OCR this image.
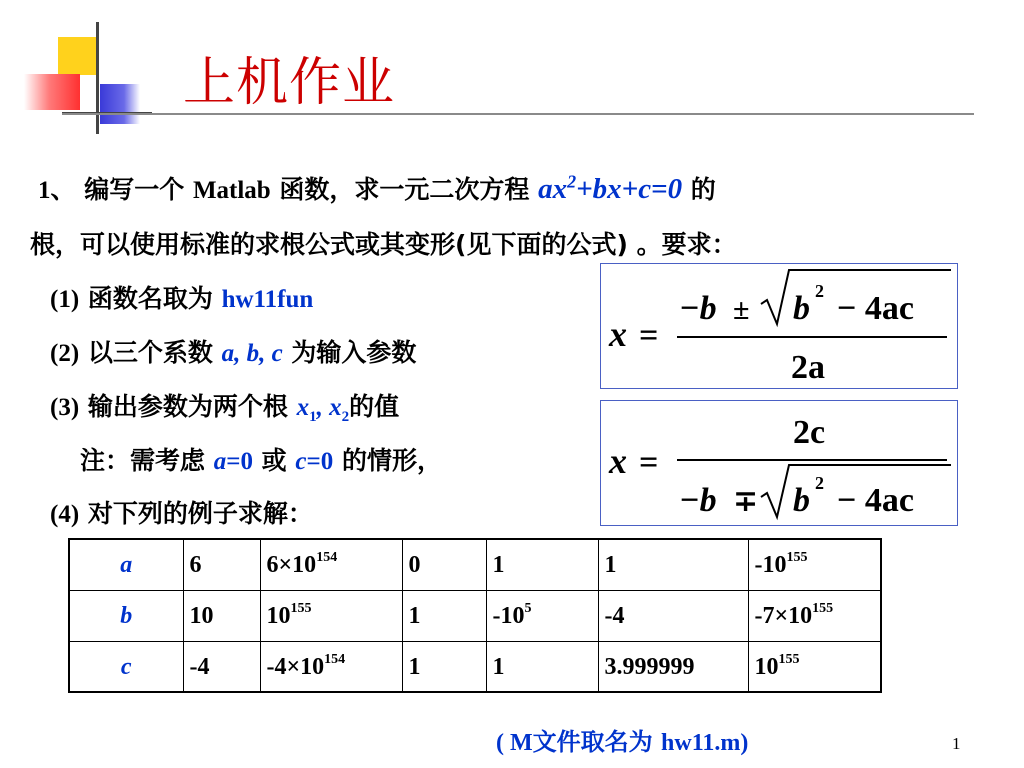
上机作业
1、 编写一个 Matlab 函数，求一元二次方程 $ax^2+bx+c=0$ 的
根，可以使用标准的求根公式或其变形(见下面的公式) 。要求：
(1) 函数名取为 hw11fun
(2) 以三个系数 a, b, c 为输入参数
(3) 输出参数为两个根 $x_1$, $x_2$的值
注：需考虑 a=0 或 c=0 的情形，
(4) 对下列的例子求解：
x =
−b ± b 2 − 4ac
2a
x =
2c
−b ∓ b 2 − 4ac
a	6	$6\times 10^{154}$	0	1	1	$-10^{155}$
b	10	$10^{155}$	1	$-10^5$	-4	$-7\times 10^{155}$
c	-4	$-4\times 10^{154}$	1	1	3.999999	$10^{155}$
( M文件取名为 hw11.m)	1
